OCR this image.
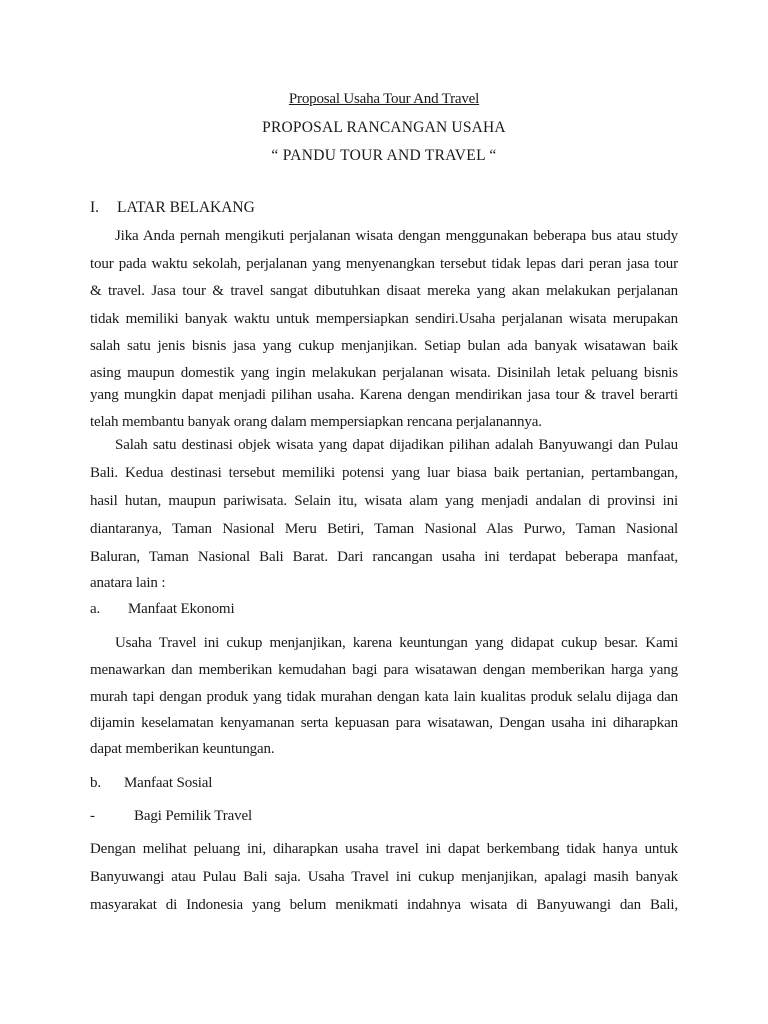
Proposal Usaha Tour And Travel
PROPOSAL RANCANGAN USAHA
“ PANDU TOUR AND TRAVEL “
I. LATAR BELAKANG
Jika Anda pernah mengikuti perjalanan wisata dengan menggunakan beberapa bus atau study
tour pada waktu sekolah, perjalanan yang menyenangkan tersebut tidak lepas dari peran jasa tour
& travel. Jasa tour & travel sangat dibutuhkan disaat mereka yang akan melakukan perjalanan
tidak memiliki banyak waktu untuk mempersiapkan sendiri.Usaha perjalanan wisata merupakan
salah satu jenis bisnis jasa yang cukup menjanjikan. Setiap bulan ada banyak wisatawan baik
asing maupun domestik yang ingin melakukan perjalanan wisata. Disinilah letak peluang bisnis
yang mungkin dapat menjadi pilihan usaha. Karena dengan mendirikan jasa tour & travel berarti
telah membantu banyak orang dalam mempersiapkan rencana perjalanannya.
Salah satu destinasi objek wisata yang dapat dijadikan pilihan adalah Banyuwangi dan Pulau
Bali. Kedua destinasi tersebut memiliki potensi yang luar biasa baik pertanian, pertambangan,
hasil hutan, maupun pariwisata. Selain itu, wisata alam yang menjadi andalan di provinsi ini
diantaranya, Taman Nasional Meru Betiri, Taman Nasional Alas Purwo, Taman Nasional
Baluran, Taman Nasional Bali Barat. Dari rancangan usaha ini terdapat beberapa manfaat,
anatara lain :
a. Manfaat Ekonomi
Usaha Travel ini cukup menjanjikan, karena keuntungan yang didapat cukup besar. Kami
menawarkan dan memberikan kemudahan bagi para wisatawan dengan memberikan harga yang
murah tapi dengan produk yang tidak murahan dengan kata lain kualitas produk selalu dijaga dan
dijamin keselamatan kenyamanan serta kepuasan para wisatawan, Dengan usaha ini diharapkan
dapat memberikan keuntungan.
b. Manfaat Sosial
-	Bagi Pemilik Travel
Dengan melihat peluang ini, diharapkan usaha travel ini dapat berkembang tidak hanya untuk
Banyuwangi atau Pulau Bali saja. Usaha Travel ini cukup menjanjikan, apalagi masih banyak
masyarakat di Indonesia yang belum menikmati indahnya wisata di Banyuwangi dan Bali,
